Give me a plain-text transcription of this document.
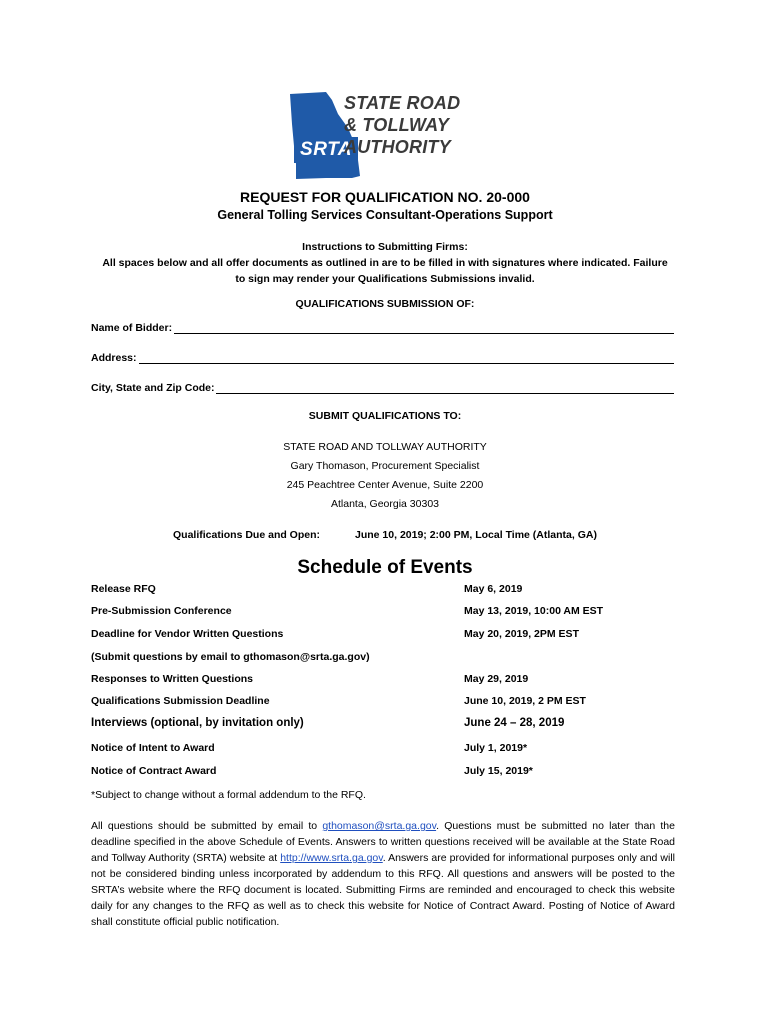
SRTA
STATE ROAD
& TOLLWAY
AUTHORITY
REQUEST FOR QUALIFICATION NO. 20-000
General Tolling Services Consultant-Operations Support
Instructions to Submitting Firms:
All spaces below and all offer documents as outlined in are to be filled in with signatures where indicated. Failure
to sign may render your Qualifications Submissions invalid.
QUALIFICATIONS SUBMISSION OF:
Name of Bidder:
Address:
City, State and Zip Code:
SUBMIT QUALIFICATIONS TO:
STATE ROAD AND TOLLWAY AUTHORITY
Gary Thomason, Procurement Specialist
245 Peachtree Center Avenue, Suite 2200
Atlanta, Georgia 30303
Qualifications Due and Open:	June 10, 2019; 2:00 PM, Local Time (Atlanta, GA)
Schedule of Events
Release RFQ	May 6, 2019
Pre-Submission Conference	May 13, 2019, 10:00 AM EST
Deadline for Vendor Written Questions	May 20, 2019, 2PM EST
(Submit questions by email to gthomason@srta.ga.gov)
Responses to Written Questions	May 29, 2019
Qualifications Submission Deadline	June 10, 2019, 2 PM EST
Interviews (optional, by invitation only)	June 24 – 28, 2019
Notice of Intent to Award	July 1, 2019*
Notice of Contract Award	July 15, 2019*
*Subject to change without a formal addendum to the RFQ.
All questions should be submitted by email to gthomason@srta.ga.gov. Questions must be submitted no later than the deadline specified in the above Schedule of Events. Answers to written questions received will be available at the State Road and Tollway Authority (SRTA) website at http://www.srta.ga.gov. Answers are provided for informational purposes only and will not be considered binding unless incorporated by addendum to this RFQ. All questions and answers will be posted to the SRTA’s website where the RFQ document is located. Submitting Firms are reminded and encouraged to check this website daily for any changes to the RFQ as well as to check this website for Notice of Contract Award. Posting of Notice of Award shall constitute official public notification.
